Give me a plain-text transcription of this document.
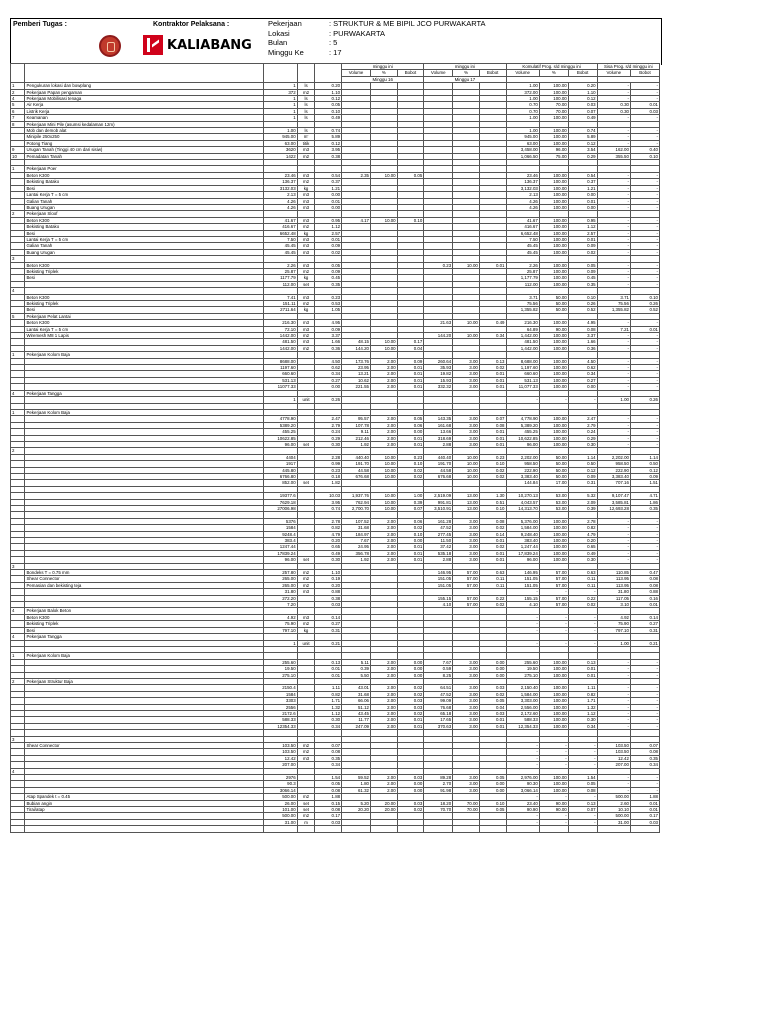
Pemberi Tugas :	Kontraktor Pelaksana :
KALIABANG
Pekerjaan	: STRUKTUR & ME BIPIL JCO PURWAKARTA
Lokasi	: PURWAKARTA
Bulan	: 5
Minggu Ke	: 17
					minggu ini			minggu ini			Komulatif Prog. s/d minggu ini			Sisa Prog. s/d minggu ini	
					Volume	%	Bobot	Volume	%	Bobot	Volume	%	Bobot	Volume	Bobot
					Minggu 16			Minggu 17							
1	Pengukuran lokasi dan bowplang	1	ls	0.20							1.00	100.00	0.20	-	-
2	Pekerjaan Papan pengaman	372	m2	1.10							372.00	100.00	1.10	-	-
4	Pekerjaan Mobilisasi tenaga	1	ls	0.12							1.00	100.00	0.12	-	-
5	Air Kerja	1	ls	0.05							0.70	70.00	0.03	0.30	0.01
6	Listrik Kerja	1	ls	0.10							0.70	70.00	0.07	0.30	0.03
7	Keamanan	1	ls	0.49							1.00	100.00	0.49	-	-
8	Pekerjaan Mini Pile (asumsi kedalaman 12m)														
	Mob dan demob alat	1.00	ls	0.74							1.00	100.00	0.74	-	-
	Minipile 250x250	945.00	m'	5.89							945.00	100.00	5.89	-	-
	Potong Tiang	63.00	titik	0.12							63.00	100.00	0.12	-	-
9	Urugan Tanah (Tinggi 40 cm dari sisiw)	3620	m3	3.95							3,458.00	96.00	3.54	162.00	0.40
10	Pemadatan Tanah	1422	m2	0.38							1,066.50	75.00	0.29	355.50	0.10

1	Pekerjaan Poer														
	Beton K300	23.46	m3	0.54	2.35	10.00	0.05				23.46	100.00	0.54	-	-
	Bekisting Batako	136.37	m2	0.37							136.37	100.00	0.37	-	-
	Besi	3132.03	kg	1.21							3,132.03	100.00	1.21	-	-
	Lantai Kerja T = 5 cm	2.13	m3	0.00							2.13	100.00	0.00	-	-
	Galian Tanah	4.26	m3	0.01							4.26	100.00	0.01	-	-
	Buang Urugan	4.26	m3	0.00							4.26	100.00	0.00	-	-
2	Pekerjaan Sloof														
	Beton K300	41.67	m3	0.95	4.17	10.00	0.10				41.67	100.00	0.95	-	-
	Bekisting Batako	416.67	m2	1.12							416.67	100.00	1.12	-	-
	Besi	6652.48	kg	2.57							6,652.48	100.00	2.57	-	-
	Lantai Kerja T = 5 cm	7.50	m3	0.01							7.50	100.00	0.01	-	-
	Galian Tanah	45.45	m3	0.09							45.45	100.00	0.09	-	-
	Buang Urugan	45.45	m3	0.02							45.45	100.00	0.02	-	-
3															
	Beton K300	2.26	m3	0.05				0.23	10.00	0.01	2.26	100.00	0.05	-	-
	Bekisting Triplek	25.87	m2	0.09							25.87	100.00	0.09	-	-
	Besi	1177.79	kg	0.45							1,177.79	100.00	0.45	-	-
		112.00	set	0.35							112.00	100.00	0.35	-	-
4															
	Beton K300	7.41	m3	0.23							3.71	50.00	0.10	3.71	0.10
	Bekisting Triplek	151.11	m2	0.53							75.56	50.00	0.26	75.56	0.26
	Besi	2711.64	kg	1.05							1,355.82	50.00	0.52	1,355.82	0.52
5	Pekerjaan Pelat Lantai														
	Beton K300	216.30	m3	4.95				21.63	10.00	0.49	216.30	100.00	4.95	-	-
	Lantai Kerja T = 5 cm	72.10	m3	0.09							64.89	90.00	0.08	7.21	0.01
	Wiremesh M8 1 Lapis	1442.00	m2	3.37				144.20	10.00	0.34	1,442.00	100.00	3.37	-	-
		481.50	m3	1.66	48.15	10.00	0.17				481.50	100.00	1.66	-	-
		1442.00	m2	0.36	144.20	10.00	0.04				1,442.00	100.00	0.36	-	-
1	Pekerjaan Kolom Baja														
		8688.00		4.50	173.76	2.00	0.09	260.64	3.00	0.13	8,688.00	100.00	4.50	-	-
		1197.60		0.62	23.95	2.00	0.01	35.93	3.00	0.02	1,197.60	100.00	0.62	-	-
		660.60		0.34	13.21	2.00	0.01	19.82	3.00	0.01	660.60	100.00	0.34	-	-
		531.13		0.27	10.62	2.00	0.01	15.93	3.00	0.01	531.13	100.00	0.27	-	-
		11077.33		0.00	221.55	2.00	0.01	332.32	3.00	0.01	11,077.33	100.00	0.00	-	-
4	Pekerjaan Tangga														
		1	unit	0.26							-	-	-	1.00	0.26

1	Pekerjaan Kolom Baja														
		4778.90		2.47	95.57	2.00	0.05	143.35	3.00	0.07	4,778.90	100.00	2.47	-	-
		5389.20		2.79	107.78	2.00	0.06	161.68	3.00	0.08	5,389.20	100.00	2.79	-	-
		455.25		0.24	9.11	2.00	0.00	13.66	3.00	0.01	455.25	100.00	0.24	-	-
		10622.85		0.29	212.46	2.00	0.01	318.69	3.00	0.01	10,622.85	100.00	0.29	-	-
		96.00	set	0.30	1.92	2.00	0.01	2.88	3.00	0.01	96.00	100.00	0.30	-	-
2															
		4404		2.28	440.40	10.00	0.23	440.40	10.00	0.23	2,202.00	50.00	1.14	2,202.00	1.14
		1917		0.99	191.70	10.00	0.10	191.70	10.00	0.10	958.50	50.00	0.50	958.50	0.50
		445.80		0.23	44.58	10.00	0.02	44.58	10.00	0.02	222.90	50.00	0.12	222.90	0.12
		6766.80		0.18	676.68	10.00	0.02	676.68	10.00	0.02	3,383.40	50.00	0.09	3,383.40	0.09
		852.00	set	1.82							144.84	17.00	0.31	707.16	1.51

		19377.6		10.03	1,937.76	10.00	1.00	2,519.09	13.00	1.30	10,270.13	53.00	5.32	9,107.47	4.71
		7629.18		3.95	762.94	10.00	0.39	991.81	13.00	0.51	4,043.57	53.00	2.09	3,585.81	1.86
		27006.98		0.74	2,700.70	10.00	0.07	3,510.91	13.00	0.10	14,313.70	53.00	0.39	12,693.28	0.35

		5376		2.78	107.52	2.00	0.06	161.28	3.00	0.08	5,376.00	100.00	2.78	-	-
		1584		0.82	31.68	2.00	0.02	47.52	3.00	0.02	1,584.00	100.00	0.82	-	-
		9248.4		4.79	184.97	2.00	0.10	277.45	3.00	0.14	9,248.40	100.00	4.79	-	-
		383.4		0.20	7.67	2.00	0.00	11.50	3.00	0.01	383.40	100.00	0.20	-	-
		1247.44		0.65	24.95	2.00	0.01	37.42	3.00	0.02	1,247.44	100.00	0.65	-	-
		17839.24		0.49	356.78	2.00	0.01	535.18	3.00	0.01	17,839.24	100.00	0.49	-	-
		96.00	set	0.30	1.92	2.00	0.01	2.88	3.00	0.01	96.00	100.00	0.30	-	-
3															
	Bondeks T = 0.75 mm	257.80	m2	1.10				146.95	57.00	0.63	146.95	57.00	0.63	110.85	0.47
	Shear Connector	265.00	m2	0.19				151.05	57.00	0.11	151.05	57.00	0.11	113.95	0.08
	Pemasian dan bekisting teja	265.00	m2	0.20				151.05	57.00	0.11	151.05	57.00	0.11	113.95	0.08
		31.80	m3	0.88							-	-	-	31.80	0.88
		272.20		0.38				155.15	57.00	0.22	155.15	57.00	0.22	117.05	0.16
		7.20		0.03				4.10	57.00	0.02	4.10	57.00	0.02	3.10	0.01
4	Pekerjaan Balok Beton														
	Beton K300	4.92	m3	0.14							-	-	-	4.92	0.14
	Bekisting Triplek	75.90	m2	0.27							-	-	-	75.90	0.27
	Besi	797.10	kg	0.31							-	-	-	797.10	0.31
4	Pekerjaan Tangga														
		1	unit	0.21							-	-	-	1.00	0.21

1	Pekerjaan Kolom Baja														
		255.60		0.13	5.11	2.00	0.00	7.67	3.00	0.00	255.60	100.00	0.13	-	-
		19.50		0.01	0.39	2.00	0.00	0.59	3.00	0.00	19.50	100.00	0.01	-	-
		275.10		0.01	5.50	2.00	0.00	8.25	3.00	0.00	275.10	100.00	0.01	-	-
2	Pekerjaan Struktur Baja														
		2150.4		1.11	43.01	2.00	0.02	64.51	3.00	0.03	2,150.40	100.00	1.11	-	-
		1584		0.82	31.68	2.00	0.02	47.52	3.00	0.02	1,584.00	100.00	0.82	-	-
		3303		1.71	66.06	2.00	0.03	99.09	3.00	0.05	3,303.00	100.00	1.71	-	-
		2556		1.32	51.12	2.00	0.03	76.68	3.00	0.04	2,556.00	100.00	1.32	-	-
		2172.6		1.12	43.45	2.00	0.02	65.18	3.00	0.03	2,172.60	100.00	1.12	-	-
		588.33		0.30	11.77	2.00	0.01	17.65	3.00	0.01	588.33	100.00	0.30	-	-
		12354.33		0.34	247.09	2.00	0.01	370.63	3.00	0.01	12,354.33	100.00	0.34	-	-

3															
	Shear Connector	103.50	m2	0.07							-	-	-	103.50	0.07
		103.50	m2	0.08							-	-	-	103.50	0.08
		12.42	m3	0.35							-	-	-	12.42	0.35
		207.00		0.34							-	-	-	207.00	0.34
4															
		2976		1.54	59.52	2.00	0.03	89.28	3.00	0.05	2,976.00	100.00	1.54	-	-
		90.3		0.05	1.80	2.00	0.00	2.70	3.00	0.00	90.30	100.00	0.05	-	-
		3066.14		0.08	61.32	2.00	0.00	91.98	3.00	0.00	3,066.14	100.00	0.08	-	-
	Atap Spandek t = 0.45	500.00	m2	1.88							-	-	-	500.00	1.88
	Bubian angin	26.00	set	0.15	5.20	20.00	0.03	18.20	70.00	0.10	23.40	90.00	0.13	2.60	0.01
	Tirai/atap	101.00	set	0.08	20.20	20.00	0.02	70.70	70.00	0.05	90.90	90.00	0.07	10.10	0.01
		500.00	m2	0.17							-	-	-	500.00	0.17
		31.00	m	0.03							-	-	-	31.00	0.03
